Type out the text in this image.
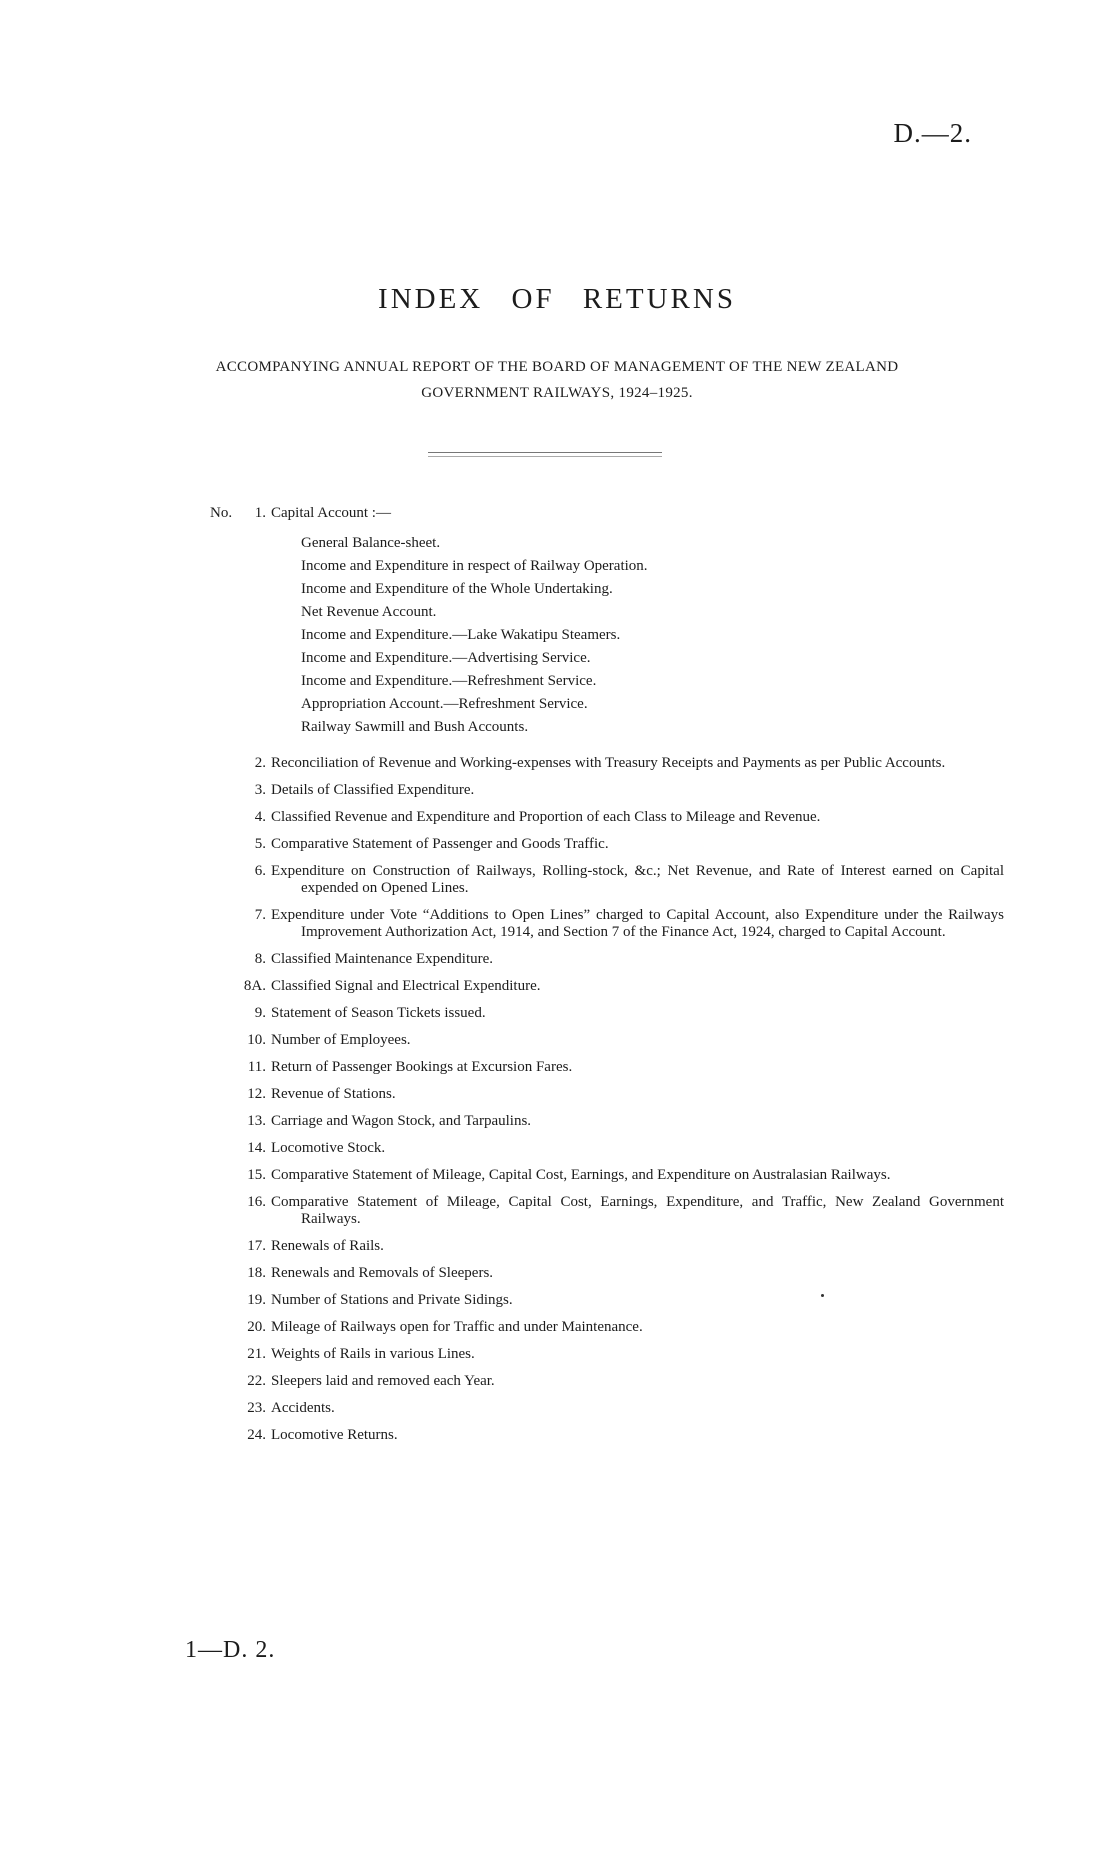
D.—2.
INDEX OF RETURNS
ACCOMPANYING ANNUAL REPORT OF THE BOARD OF MANAGEMENT OF THE NEW ZEALAND
GOVERNMENT RAILWAYS, 1924–1925.
No.	1. Capital Account :—
General Balance-sheet.
Income and Expenditure in respect of Railway Operation.
Income and Expenditure of the Whole Undertaking.
Net Revenue Account.
Income and Expenditure.—Lake Wakatipu Steamers.
Income and Expenditure.—Advertising Service.
Income and Expenditure.—Refreshment Service.
Appropriation Account.—Refreshment Service.
Railway Sawmill and Bush Accounts.
2. Reconciliation of Revenue and Working-expenses with Treasury Receipts and Payments as per Public Accounts.
3. Details of Classified Expenditure.
4. Classified Revenue and Expenditure and Proportion of each Class to Mileage and Revenue.
5. Comparative Statement of Passenger and Goods Traffic.
6. Expenditure on Construction of Railways, Rolling-stock, &c.; Net Revenue, and Rate of Interest earned on Capital expended on Opened Lines.
7. Expenditure under Vote “Additions to Open Lines” charged to Capital Account, also Expenditure under the Railways Improvement Authorization Act, 1914, and Section 7 of the Finance Act, 1924, charged to Capital Account.
8. Classified Maintenance Expenditure.
8A. Classified Signal and Electrical Expenditure.
9. Statement of Season Tickets issued.
10. Number of Employees.
11. Return of Passenger Bookings at Excursion Fares.
12. Revenue of Stations.
13. Carriage and Wagon Stock, and Tarpaulins.
14. Locomotive Stock.
15. Comparative Statement of Mileage, Capital Cost, Earnings, and Expenditure on Australasian Railways.
16. Comparative Statement of Mileage, Capital Cost, Earnings, Expenditure, and Traffic, New Zealand Government Railways.
17. Renewals of Rails.
18. Renewals and Removals of Sleepers.
19. Number of Stations and Private Sidings.
20. Mileage of Railways open for Traffic and under Maintenance.
21. Weights of Rails in various Lines.
22. Sleepers laid and removed each Year.
23. Accidents.
24. Locomotive Returns.
1—D. 2.
